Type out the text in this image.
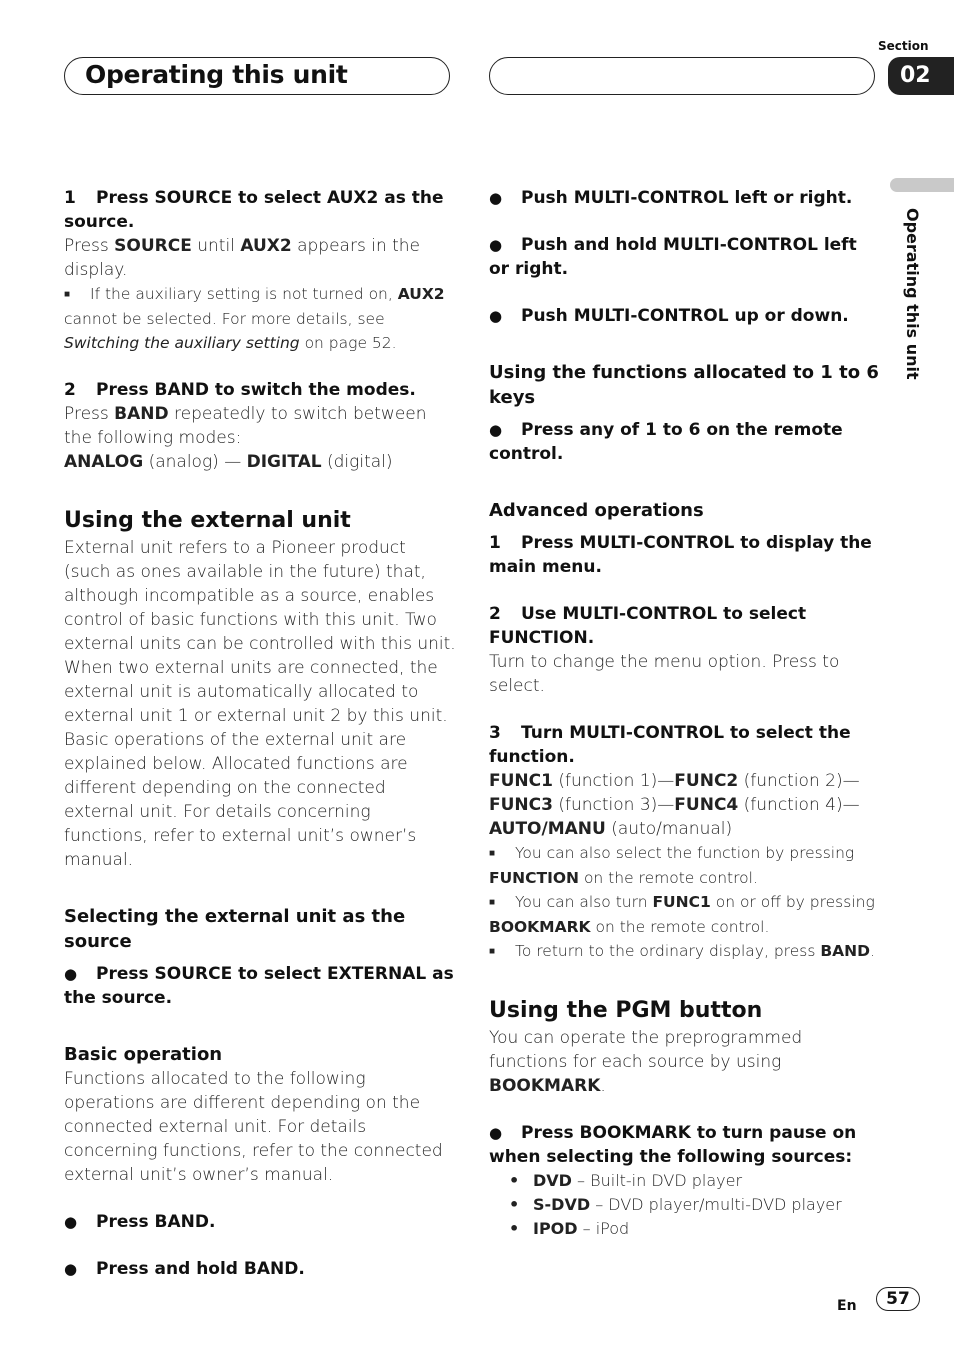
Operating this unit
Section
02
Operating this unit

1 Press SOURCE to select AUX2 as the source.

Press SOURCE until AUX2 appears in the display.

■ If the auxiliary setting is not turned on, AUX2 cannot be selected. For more details, see Switching the auxiliary setting on page 52.

2 Press BAND to switch the modes.

Press BAND repeatedly to switch between the following modes:

ANALOG (analog) — DIGITAL (digital)

Using the external unit

External unit refers to a Pioneer product (such as ones available in the future) that, although incompatible as a source, enables control of basic functions with this unit. Two external units can be controlled with this unit. When two external units are connected, the external unit is automatically allocated to external unit 1 or external unit 2 by this unit.

Basic operations of the external unit are explained below. Allocated functions are different depending on the connected external unit. For details concerning functions, refer to external unit’s owner’s manual.

Selecting the external unit as the source

● Press SOURCE to select EXTERNAL as the source.

Basic operation

Functions allocated to the following operations are different depending on the connected external unit. For details concerning functions, refer to the connected external unit’s owner’s manual.

● Press BAND.

● Press and hold BAND.

● Push MULTI-CONTROL left or right.

● Push and hold MULTI-CONTROL left or right.

● Push MULTI-CONTROL up or down.

Using the functions allocated to 1 to 6 keys

● Press any of 1 to 6 on the remote control.

Advanced operations

1 Press MULTI-CONTROL to display the main menu.

2 Use MULTI-CONTROL to select FUNCTION.

Turn to change the menu option. Press to select.

3 Turn MULTI-CONTROL to select the function.

FUNC1 (function 1)—FUNC2 (function 2)—

FUNC3 (function 3)—FUNC4 (function 4)—

AUTO/MANU (auto/manual)

■ You can also select the function by pressing FUNCTION on the remote control.

■ You can also turn FUNC1 on or off by pressing BOOKMARK on the remote control.

■ To return to the ordinary display, press BAND.

Using the PGM button

You can operate the preprogrammed functions for each source by using BOOKMARK.

● Press BOOKMARK to turn pause on when selecting the following sources:

• DVD – Built-in DVD player

• S-DVD – DVD player/multi-DVD player

• IPOD – iPod

En	57
